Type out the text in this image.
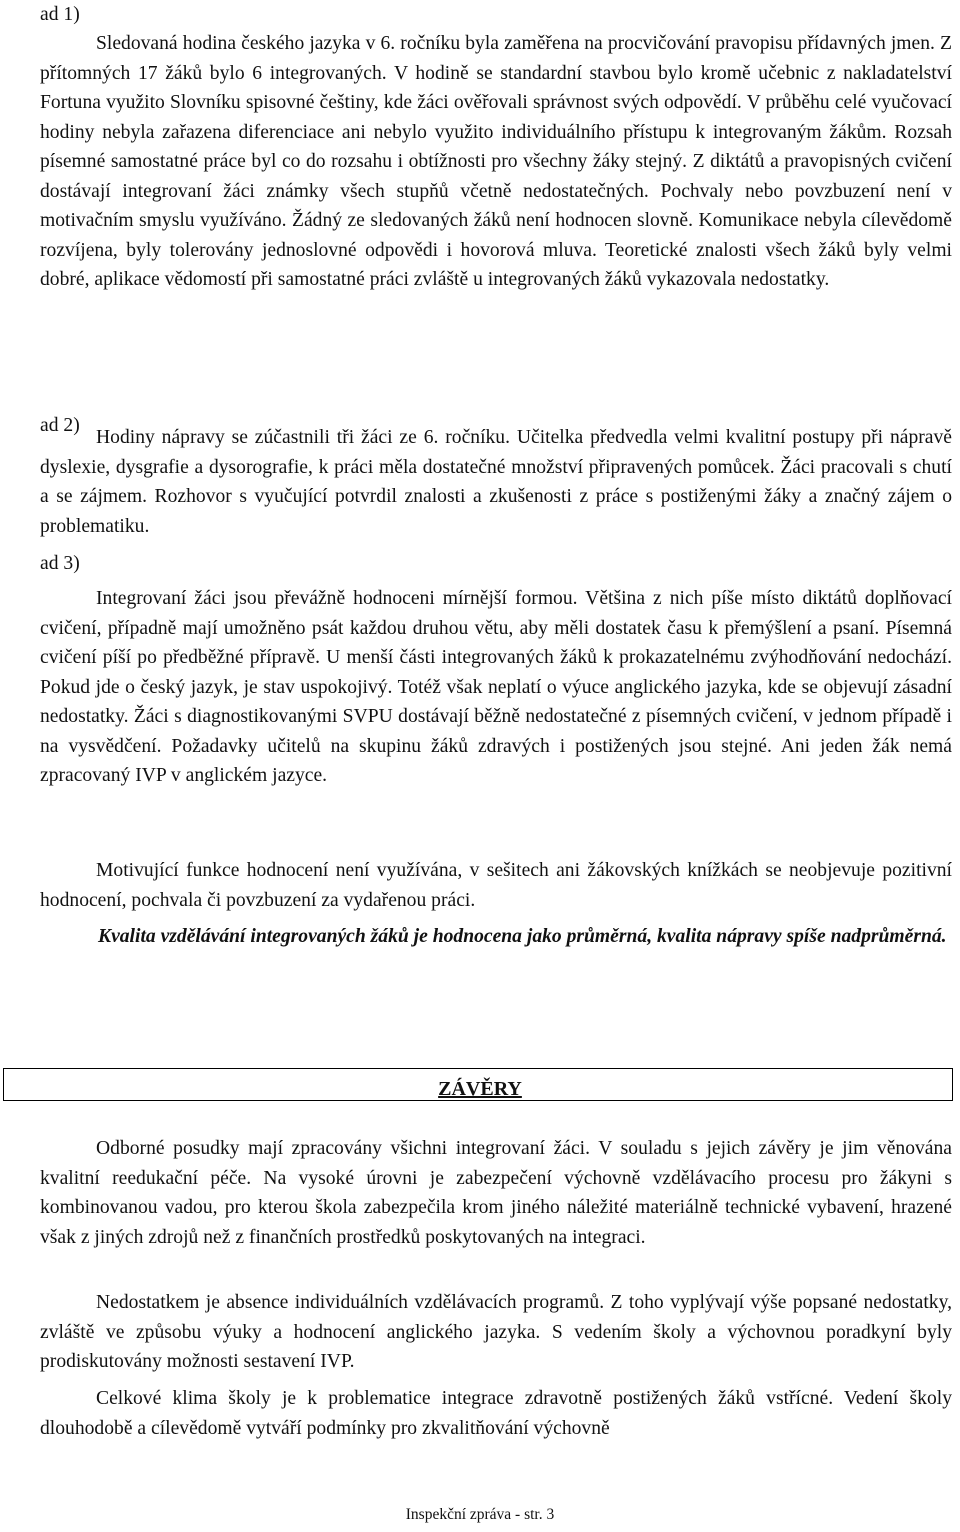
ad 1)

Sledovaná hodina českého jazyka v 6. ročníku byla zaměřena na procvičování pravopisu přídavných jmen. Z přítomných 17 žáků bylo 6 integrovaných. V hodině se standardní stavbou bylo kromě učebnic z nakladatelství Fortuna využito Slovníku spisovné češtiny, kde žáci ověřovali správnost svých odpovědí. V průběhu celé vyučovací hodiny nebyla zařazena diferenciace ani nebylo využito individuálního přístupu k integrovaným žákům. Rozsah písemné samostatné práce byl co do rozsahu i obtížnosti pro všechny žáky stejný. Z diktátů a pravopisných cvičení dostávají integrovaní žáci známky všech stupňů včetně nedostatečných. Pochvaly nebo povzbuzení není v motivačním smyslu využíváno. Žádný ze sledovaných žáků není hodnocen slovně. Komunikace nebyla cílevědomě rozvíjena, byly tolerovány jednoslovné odpovědi i hovorová mluva. Teoretické znalosti všech žáků byly velmi dobré, aplikace vědomostí při samostatné práci zvláště u integrovaných žáků vykazovala nedostatky.

ad 2)

Hodiny nápravy se zúčastnili tři žáci ze 6. ročníku. Učitelka předvedla velmi kvalitní postupy při nápravě dyslexie, dysgrafie a dysorografie, k práci měla dostatečné množství připravených pomůcek. Žáci pracovali s chutí a se zájmem. Rozhovor s vyučující potvrdil znalosti a zkušenosti z práce s postiženými žáky a značný zájem o problematiku.

ad 3)

Integrovaní žáci jsou převážně hodnoceni mírnější formou. Většina z nich píše místo diktátů doplňovací cvičení, případně mají umožněno psát každou druhou větu, aby měli dostatek času k přemýšlení a psaní. Písemná cvičení píší po předběžné přípravě. U menší části integrovaných žáků k prokazatelnému zvýhodňování nedochází. Pokud jde o český jazyk, je stav uspokojivý. Totéž však neplatí o výuce anglického jazyka, kde se objevují zásadní nedostatky. Žáci s diagnostikovanými SVPU dostávají běžně nedostatečné z písemných cvičení, v jednom případě i na vysvědčení. Požadavky učitelů na skupinu žáků zdravých i postižených jsou stejné. Ani jeden žák nemá zpracovaný IVP v anglickém jazyce.

Motivující funkce hodnocení není využívána, v sešitech ani žákovských knížkách se neobjevuje pozitivní hodnocení, pochvala či povzbuzení za vydařenou práci.

Kvalita vzdělávání integrovaných žáků je hodnocena jako průměrná, kvalita nápravy spíše nadprůměrná.

ZÁVĚRY

Odborné posudky mají zpracovány všichni integrovaní žáci. V souladu s jejich závěry je jim věnována kvalitní reedukační péče. Na vysoké úrovni je zabezpečení výchovně vzdělávacího procesu pro žákyni s kombinovanou vadou, pro kterou škola zabezpečila krom jiného náležité materiálně technické vybavení, hrazené však z jiných zdrojů než z finančních prostředků poskytovaných na integraci.

Nedostatkem je absence individuálních vzdělávacích programů. Z toho vyplývají výše popsané nedostatky, zvláště ve způsobu výuky a hodnocení anglického jazyka. S vedením školy a výchovnou poradkyní byly prodiskutovány možnosti sestavení IVP.

Celkové klima školy je k problematice integrace zdravotně postižených žáků vstřícné. Vedení školy dlouhodobě a cílevědomě vytváří podmínky pro zkvalitňování výchovně

Inspekční zpráva - str. 3
